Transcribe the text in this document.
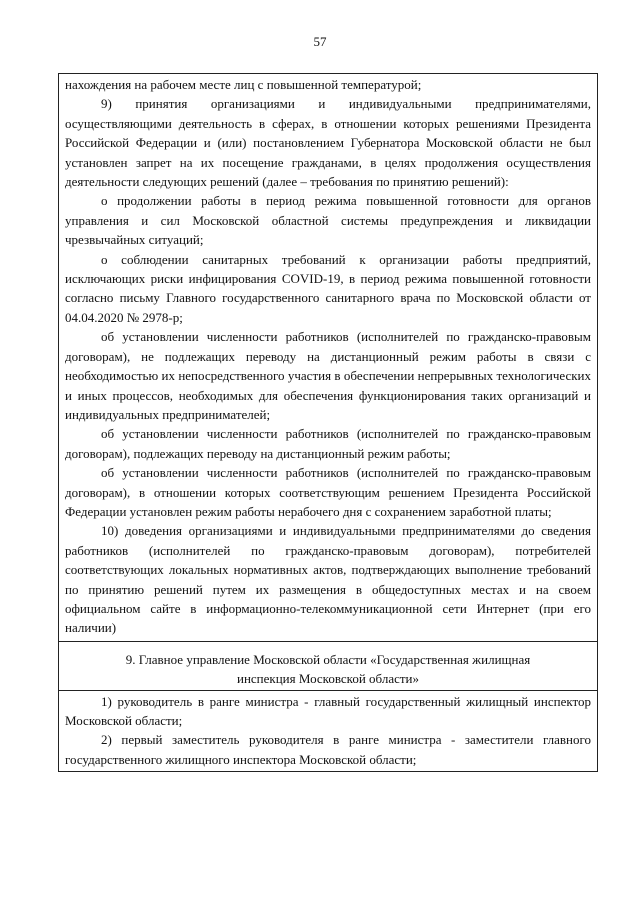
57

нахождения на рабочем месте лиц с повышенной температурой;

9) принятия организациями и индивидуальными предпринимателями, осуществляющими деятельность в сферах, в отношении которых решениями Президента Российской Федерации и (или) постановлением Губернатора Московской области не был установлен запрет на их посещение гражданами, в целях продолжения осуществления деятельности следующих решений (далее – требования по принятию решений):

о продолжении работы в период режима повышенной готовности для органов управления и сил Московской областной системы предупреждения и ликвидации чрезвычайных ситуаций;

о соблюдении санитарных требований к организации работы предприятий, исключающих риски инфицирования COVID-19, в период режима повышенной готовности согласно письму Главного государственного санитарного врача по Московской области от 04.04.2020 № 2978-р;

об установлении численности работников (исполнителей по гражданско-правовым договорам), не подлежащих переводу на дистанционный режим работы в связи с необходимостью их непосредственного участия в обеспечении непрерывных технологических и иных процессов, необходимых для обеспечения функционирования таких организаций и индивидуальных предпринимателей;

об установлении численности работников (исполнителей по гражданско-правовым договорам), подлежащих переводу на дистанционный режим работы;

об установлении численности работников (исполнителей по гражданско-правовым договорам), в отношении которых соответствующим решением Президента Российской Федерации установлен режим работы нерабочего дня с сохранением заработной платы;

10) доведения организациями и индивидуальными предпринимателями до сведения работников (исполнителей по гражданско-правовым договорам), потребителей соответствующих локальных нормативных актов, подтверждающих выполнение требований по принятию решений путем их размещения в общедоступных местах и на своем официальном сайте в информационно-телекоммуникационной сети Интернет (при его наличии)

9. Главное управление Московской области «Государственная жилищная

инспекция Московской области»

1) руководитель в ранге министра - главный государственный жилищный инспектор Московской области;

2) первый заместитель руководителя в ранге министра - заместители главного государственного жилищного инспектора Московской области;
